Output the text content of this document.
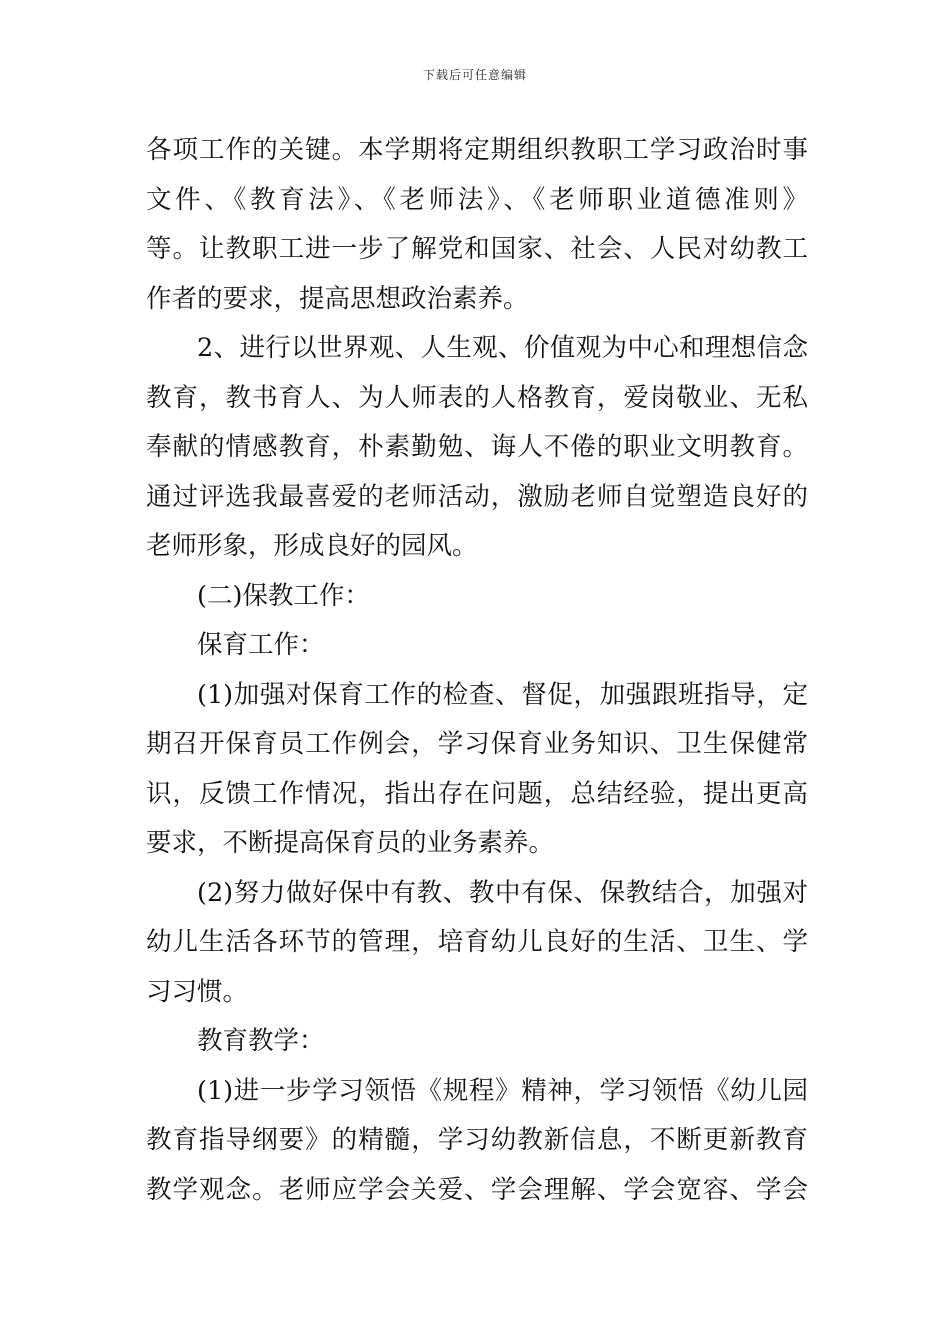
下载后可任意编辑
各项工作的关键。本学期将定期组织教职工学习政治时事
文件、《教育法》、《老师法》、《老师职业道德准则》
等。让教职工进一步了解党和国家、社会、人民对幼教工
作者的要求，提高思想政治素养。
2、进行以世界观、人生观、价值观为中心和理想信念
教育，教书育人、为人师表的人格教育，爱岗敬业、无私
奉献的情感教育，朴素勤勉、诲人不倦的职业文明教育。
通过评选我最喜爱的老师活动，激励老师自觉塑造良好的
老师形象，形成良好的园风。
(二)保教工作：
保育工作：
(1)加强对保育工作的检查、督促，加强跟班指导，定
期召开保育员工作例会，学习保育业务知识、卫生保健常
识，反馈工作情况，指出存在问题，总结经验，提出更高
要求，不断提高保育员的业务素养。
(2)努力做好保中有教、教中有保、保教结合，加强对
幼儿生活各环节的管理，培育幼儿良好的生活、卫生、学
习习惯。
教育教学：
(1)进一步学习领悟《规程》精神，学习领悟《幼儿园
教育指导纲要》的精髓，学习幼教新信息，不断更新教育
教学观念。老师应学会关爱、学会理解、学会宽容、学会
